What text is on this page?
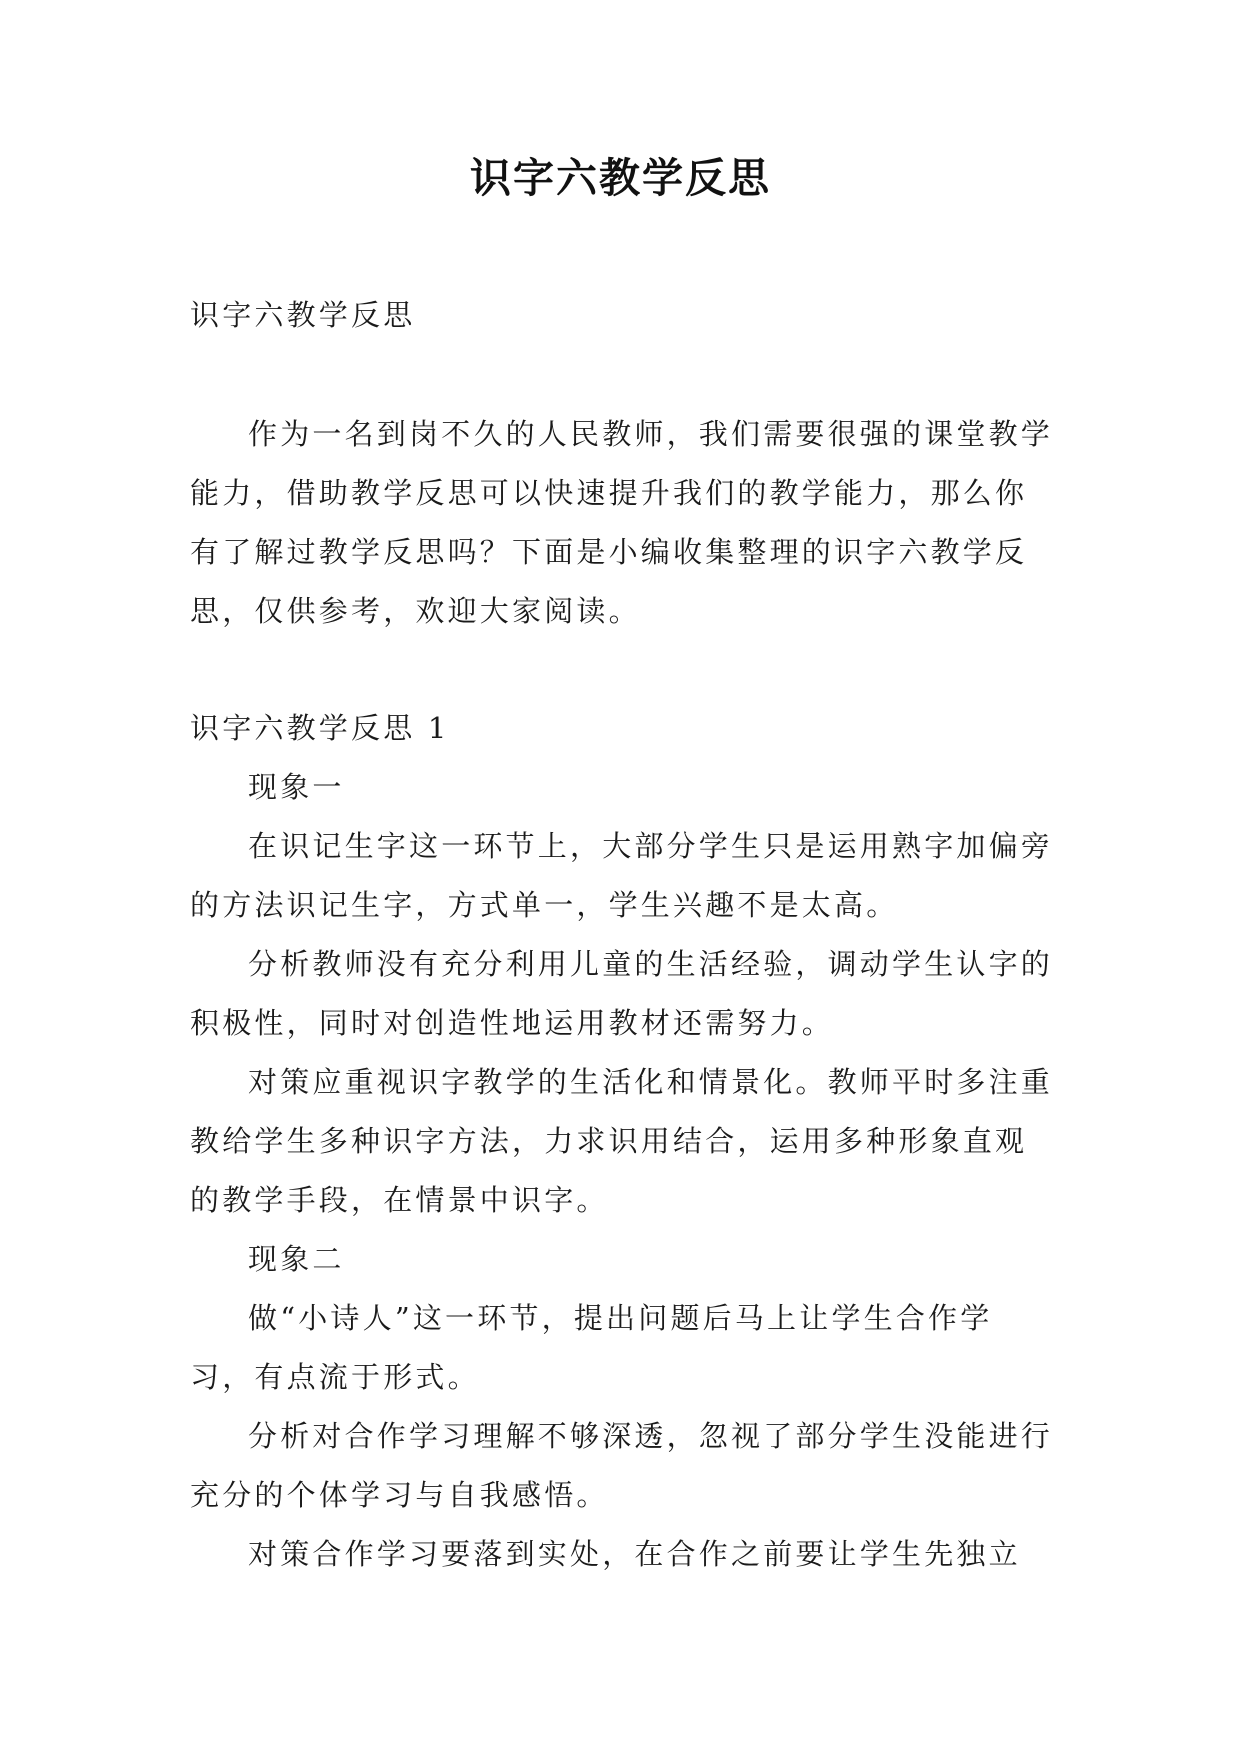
识字六教学反思

识字六教学反思

作为一名到岗不久的人民教师，我们需要很强的课堂教学能力，借助教学反思可以快速提升我们的教学能力，那么你有了解过教学反思吗？下面是小编收集整理的识字六教学反思，仅供参考，欢迎大家阅读。

识字六教学反思 1

现象一

在识记生字这一环节上，大部分学生只是运用熟字加偏旁的方法识记生字，方式单一，学生兴趣不是太高。

分析教师没有充分利用儿童的生活经验，调动学生认字的积极性，同时对创造性地运用教材还需努力。

对策应重视识字教学的生活化和情景化。教师平时多注重教给学生多种识字方法，力求识用结合，运用多种形象直观的教学手段，在情景中识字。

现象二

做“小诗人”这一环节，提出问题后马上让学生合作学习，有点流于形式。

分析对合作学习理解不够深透，忽视了部分学生没能进行充分的个体学习与自我感悟。

对策合作学习要落到实处，在合作之前要让学生先独立
